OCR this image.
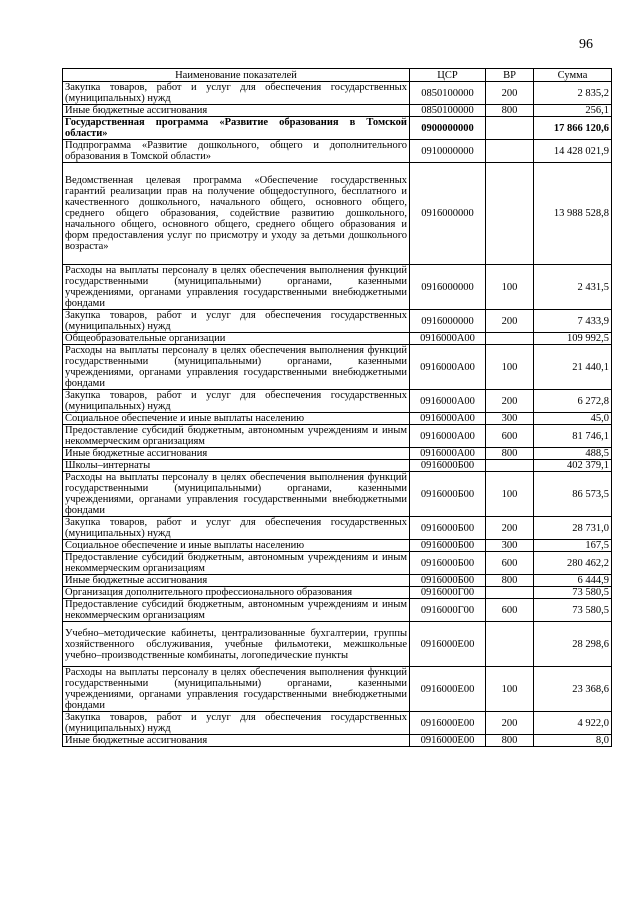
96
Наименование показателей	ЦСР	ВР	Сумма
Закупка товаров, работ и услуг для обеспечения государственных (муниципальных) нужд	0850100000	200	2 835,2
Иные бюджетные ассигнования	0850100000	800	256,1
Государственная программа «Развитие образования в Томской области»	0900000000		17 866 120,6
Подпрограмма «Развитие дошкольного, общего и дополнительного образования в Томской области»	0910000000		14 428 021,9
Ведомственная целевая программа «Обеспечение государственных гарантий реализации прав на получение общедоступного, бесплатного и качественного дошкольного, начального общего, основного общего, среднего общего образования, содействие развитию дошкольного, начального общего, основного общего, среднего общего образования и форм предоставления услуг по присмотру и уходу за детьми дошкольного возраста»	0916000000		13 988 528,8
Расходы на выплаты персоналу в целях обеспечения выполнения функций государственными (муниципальными) органами, казенными учреждениями, органами управления государственными внебюджетными фондами	0916000000	100	2 431,5
Закупка товаров, работ и услуг для обеспечения государственных (муниципальных) нужд	0916000000	200	7 433,9
Общеобразовательные организации	0916000А00		109 992,5
Расходы на выплаты персоналу в целях обеспечения выполнения функций государственными (муниципальными) органами, казенными учреждениями, органами управления государственными внебюджетными фондами	0916000А00	100	21 440,1
Закупка товаров, работ и услуг для обеспечения государственных (муниципальных) нужд	0916000А00	200	6 272,8
Социальное обеспечение и иные выплаты населению	0916000А00	300	45,0
Предоставление субсидий бюджетным, автономным учреждениям и иным некоммерческим организациям	0916000А00	600	81 746,1
Иные бюджетные ассигнования	0916000А00	800	488,5
Школы–интернаты	0916000Б00		402 379,1
Расходы на выплаты персоналу в целях обеспечения выполнения функций государственными (муниципальными) органами, казенными учреждениями, органами управления государственными внебюджетными фондами	0916000Б00	100	86 573,5
Закупка товаров, работ и услуг для обеспечения государственных (муниципальных) нужд	0916000Б00	200	28 731,0
Социальное обеспечение и иные выплаты населению	0916000Б00	300	167,5
Предоставление субсидий бюджетным, автономным учреждениям и иным некоммерческим организациям	0916000Б00	600	280 462,2
Иные бюджетные ассигнования	0916000Б00	800	6 444,9
Организация дополнительного профессионального образования	0916000Г00		73 580,5
Предоставление субсидий бюджетным, автономным учреждениям и иным некоммерческим организациям	0916000Г00	600	73 580,5
Учебно–методические кабинеты, централизованные бухгалтерии, группы хозяйственного обслуживания, учебные фильмотеки, межшкольные учебно–производственные комбинаты, логопедические пункты	0916000Е00		28 298,6
Расходы на выплаты персоналу в целях обеспечения выполнения функций государственными (муниципальными) органами, казенными учреждениями, органами управления государственными внебюджетными фондами	0916000Е00	100	23 368,6
Закупка товаров, работ и услуг для обеспечения государственных (муниципальных) нужд	0916000Е00	200	4 922,0
Иные бюджетные ассигнования	0916000Е00	800	8,0
